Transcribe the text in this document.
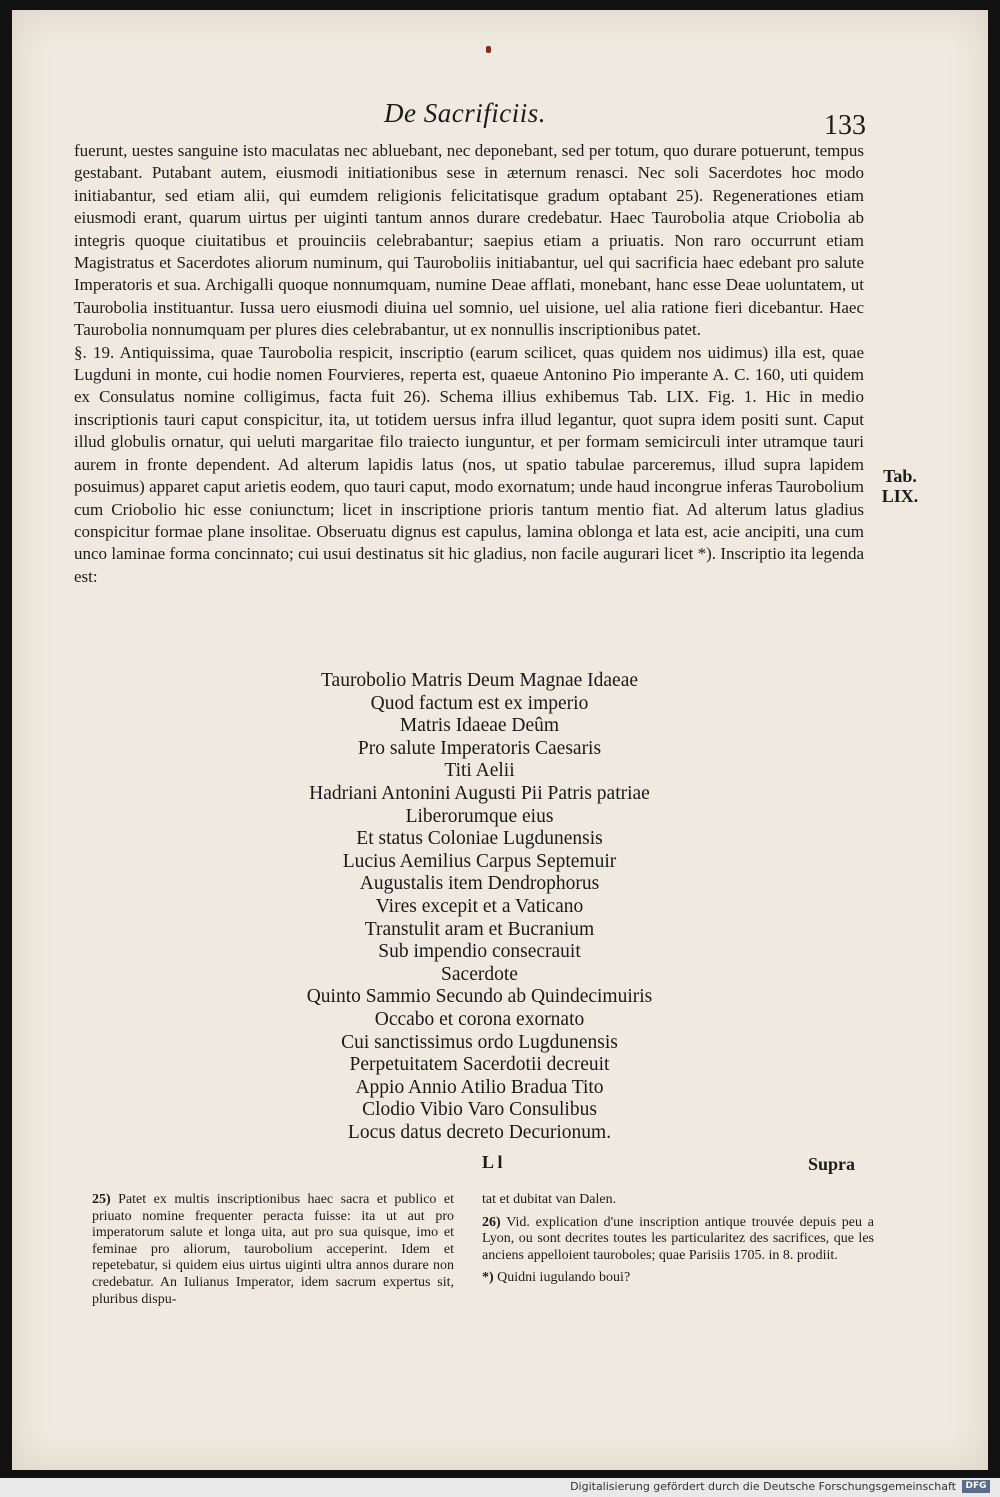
De Sacrificiis.	133

fuerunt, uestes sanguine isto maculatas nec abluebant, nec deponebant, sed per totum, quo durare potuerunt, tempus gestabant. Putabant autem, eiusmodi initiationibus sese in æternum renasci. Nec soli Sacerdotes hoc modo initiabantur, sed etiam alii, qui eumdem religionis felicitatisque gradum optabant 25). Regenerationes etiam eiusmodi erant, quarum uirtus per uiginti tantum annos durare credebatur. Haec Taurobolia atque Criobolia ab integris quoque ciuitatibus et prouinciis celebrabantur; saepius etiam a priuatis. Non raro occurrunt etiam Magistratus et Sacerdotes aliorum numinum, qui Tauroboliis initiabantur, uel qui sacrificia haec edebant pro salute Imperatoris et sua. Archigalli quoque nonnumquam, numine Deae afflati, monebant, hanc esse Deae uoluntatem, ut Taurobolia instituantur. Iussa uero eiusmodi diuina uel somnio, uel uisione, uel alia ratione fieri dicebantur. Haec Taurobolia nonnumquam per plures dies celebrabantur, ut ex nonnullis inscriptionibus patet.

§. 19. Antiquissima, quae Taurobolia respicit, inscriptio (earum scilicet, quas quidem nos uidimus) illa est, quae Lugduni in monte, cui hodie nomen Fourvieres, reperta est, quaeue Antonino Pio imperante A. C. 160, uti quidem ex Consulatus nomine colligimus, facta fuit 26). Schema illius exhibemus Tab. LIX. Fig. 1. Hic in medio inscriptionis tauri caput conspicitur, ita, ut totidem uersus infra illud legantur, quot supra idem positi sunt. Caput illud globulis ornatur, qui ueluti margaritae filo traiecto iunguntur, et per formam semicirculi inter utramque tauri aurem in fronte dependent. Ad alterum lapidis latus (nos, ut spatio tabulae parceremus, illud supra lapidem posuimus) apparet caput arietis eodem, quo tauri caput, modo exornatum; unde haud incongrue inferas Taurobolium cum Criobolio hic esse coniunctum; licet in inscriptione prioris tantum mentio fiat. Ad alterum latus gladius conspicitur formae plane insolitae. Obseruatu dignus est capulus, lamina oblonga et lata est, acie ancipiti, una cum unco laminae forma concinnato; cui usui destinatus sit hic gladius, non facile augurari licet *). Inscriptio ita legenda est:

Tab.
LIX.
Taurobolio Matris Deum Magnae Idaeae
Quod factum est ex imperio
Matris Idaeae Deûm
Pro salute Imperatoris Caesaris
Titi Aelii
Hadriani Antonini Augusti Pii Patris patriae
Liberorumque eius
Et status Coloniae Lugdunensis
Lucius Aemilius Carpus Septemuir
Augustalis item Dendrophorus
Vires excepit et a Vaticano
Transtulit aram et Bucranium
Sub impendio consecrauit
Sacerdote
Quinto Sammio Secundo ab Quindecimuiris
Occabo et corona exornato
Cui sanctissimus ordo Lugdunensis
Perpetuitatem Sacerdotii decreuit
Appio Annio Atilio Bradua Tito
Clodio Vibio Varo Consulibus
Locus datus decreto Decurionum.
L l	Supra

25) Patet ex multis inscriptionibus haec sacra et publico et priuato nomine frequenter peracta fuisse: ita ut aut pro imperatorum salute et longa uita, aut pro sua quisque, imo et feminae pro aliorum, taurobolium acceperint. Idem et repetebatur, si quidem eius uirtus uiginti ultra annos durare non credebatur. An Iulianus Imperator, idem sacrum expertus sit, pluribus dispu-

tat et dubitat van Dalen.

26) Vid. explication d'une inscription antique trouvée depuis peu a Lyon, ou sont decrites toutes les particularitez des sacrifices, que les anciens appelloient tauroboles; quae Parisiis 1705. in 8. prodiit.

*) Quidni iugulando boui?

Digitalisierung gefördert durch die Deutsche Forschungsgemeinschaft	DFG
